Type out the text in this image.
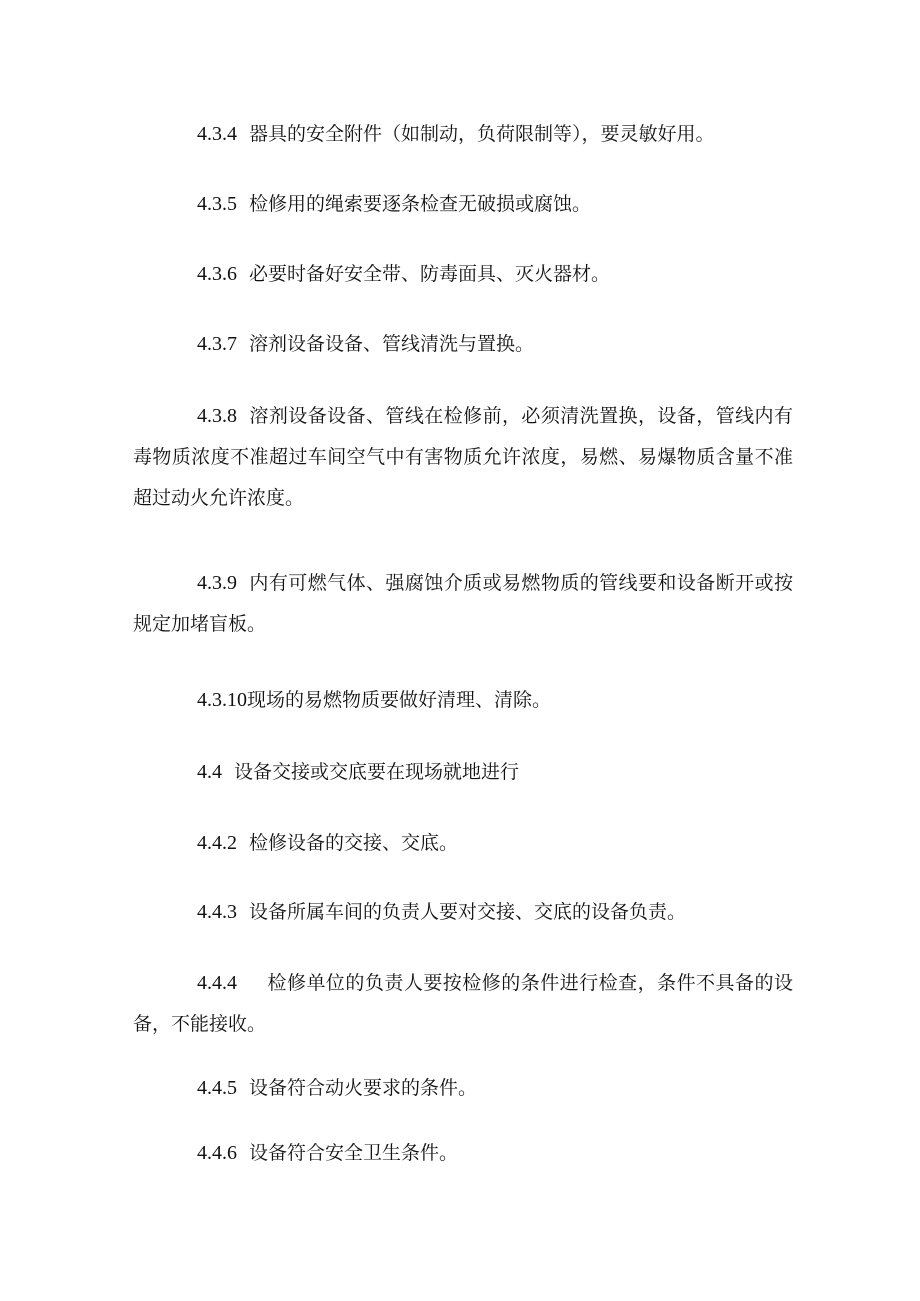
4.3.4 器具的安全附件（如制动，负荷限制等），要灵敏好用。

4.3.5 检修用的绳索要逐条检查无破损或腐蚀。

4.3.6 必要时备好安全带、防毒面具、灭火器材。

4.3.7 溶剂设备设备、管线清洗与置换。

4.3.8 溶剂设备设备、管线在检修前，必须清洗置换，设备，管线内有毒物质浓度不准超过车间空气中有害物质允许浓度，易燃、易爆物质含量不准超过动火允许浓度。

4.3.9 内有可燃气体、强腐蚀介质或易燃物质的管线要和设备断开或按规定加堵盲板。

4.3.10现场的易燃物质要做好清理、清除。

4.4 设备交接或交底要在现场就地进行

4.4.2 检修设备的交接、交底。

4.4.3 设备所属车间的负责人要对交接、交底的设备负责。

4.4.4 检修单位的负责人要按检修的条件进行检查，条件不具备的设备，不能接收。

4.4.5 设备符合动火要求的条件。

4.4.6 设备符合安全卫生条件。
